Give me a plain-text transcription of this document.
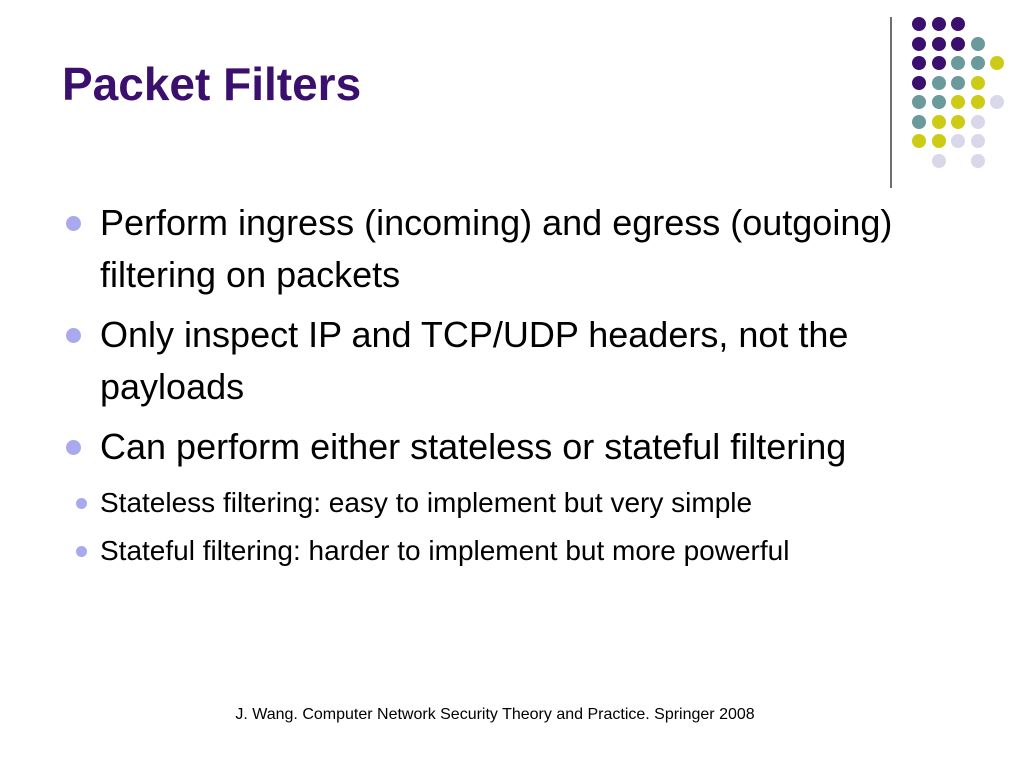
Packet Filters
Perform ingress (incoming) and egress (outgoing) filtering on packets
Only inspect IP and TCP/UDP headers, not the payloads
Can perform either stateless or stateful filtering
Stateless filtering: easy to implement but very simple
Stateful filtering: harder to implement but more powerful
J. Wang. Computer Network Security Theory and Practice. Springer 2008
